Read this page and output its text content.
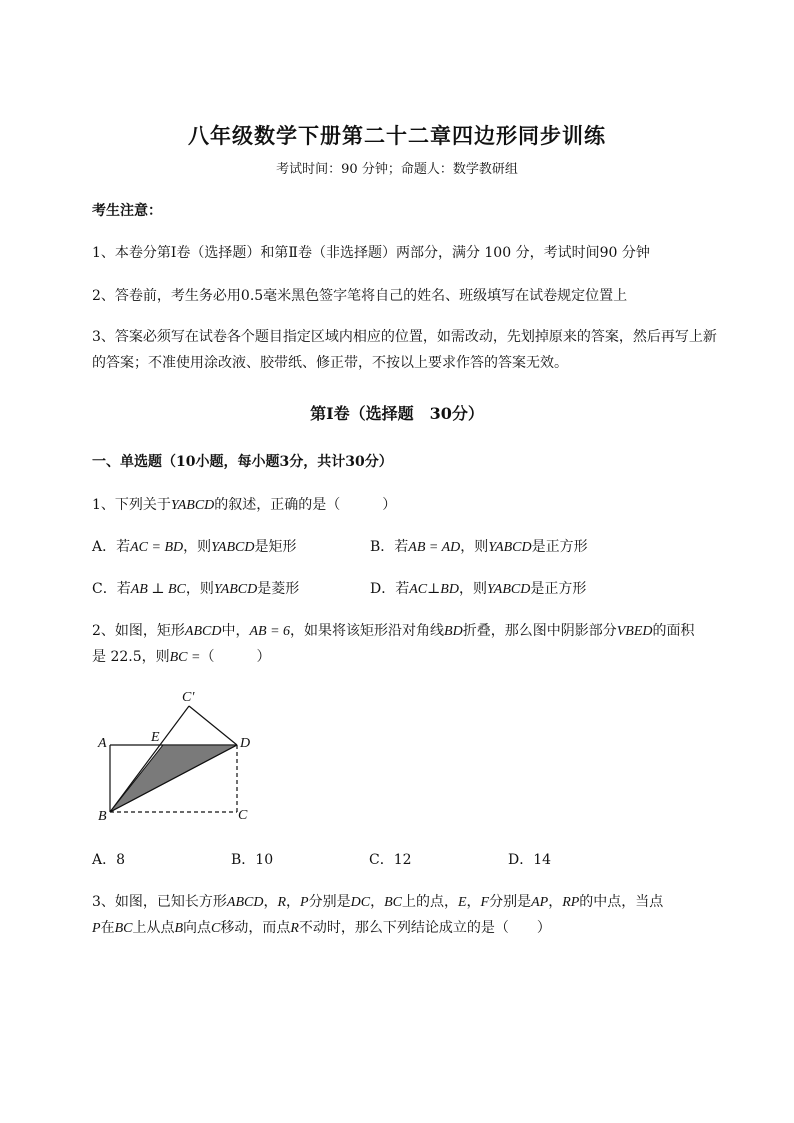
八年级数学下册第二十二章四边形同步训练
考试时间：90 分钟；命题人：数学教研组
考生注意：
1、本卷分第Ⅰ卷（选择题）和第Ⅱ卷（非选择题）两部分，满分 100 分，考试时间90 分钟
2、答卷前，考生务必用0.5毫米黑色签字笔将自己的姓名、班级填写在试卷规定位置上
3、答案必须写在试卷各个题目指定区域内相应的位置，如需改动，先划掉原来的答案，然后再写上新
的答案；不准使用涂改液、胶带纸、修正带，不按以上要求作答的答案无效。
第Ⅰ卷（选择题　30分）
一、单选题（10小题，每小题3分，共计30分）
1、下列关于YABCD的叙述，正确的是（　　　）
A．若AC = BD，则YABCD是矩形	B．若AB = AD，则YABCD是正方形
C．若AB ⊥ BC，则YABCD是菱形	D．若AC⊥BD，则YABCD是正方形
2、如图，矩形ABCD中，AB = 6，如果将该矩形沿对角线BD折叠，那么图中阴影部分VBED的面积
是 22.5，则BC =（　　　）
A
B	C
D
E
C′
A．8	B．10	C．12	D．14
3、如图，已知长方形ABCD，R，P分别是DC，BC上的点，E，F分别是AP，RP的中点，当点
P在BC上从点B向点C移动，而点R不动时，那么下列结论成立的是（　　）
